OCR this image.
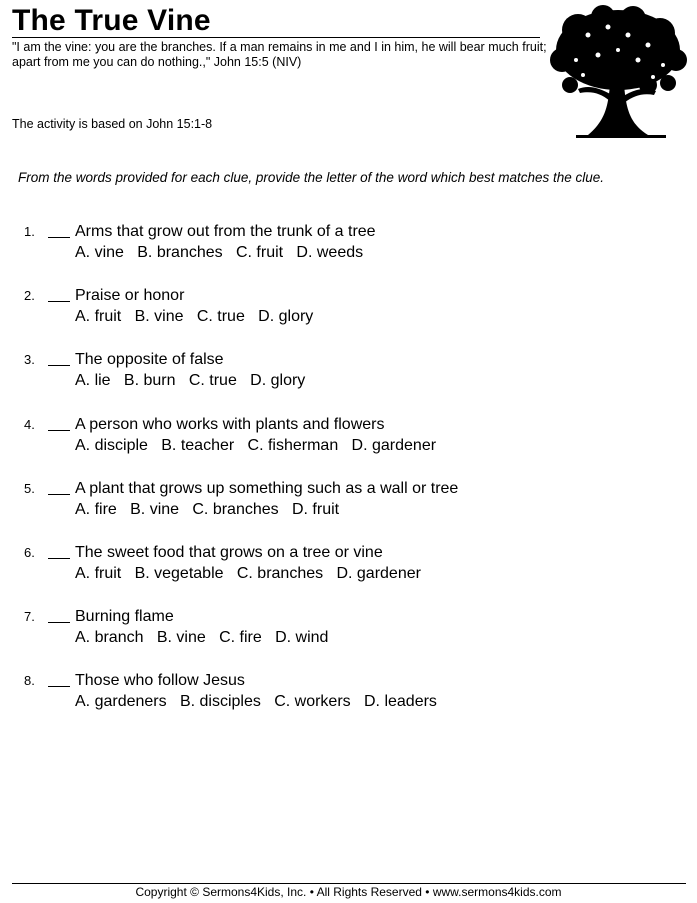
The True Vine
"I am the vine: you are the branches. If a man remains in me and I in him, he will bear much fruit; apart from me you can do nothing.," John 15:5 (NIV)
The activity is based on John 15:1-8
From the words provided for each clue, provide the letter of the word which best matches the clue.
1.	Arms that grow out from the trunk of a tree
A. vine   B. branches   C. fruit   D. weeds
2.	Praise or honor
A. fruit   B. vine   C. true   D. glory
3.	The opposite of false
A. lie   B. burn   C. true   D. glory
4.	A person who works with plants and flowers
A. disciple   B. teacher   C. fisherman   D. gardener
5.	A plant that grows up something such as a wall or tree
A. fire   B. vine   C. branches   D. fruit
6.	The sweet food that grows on a tree or vine
A. fruit   B. vegetable   C. branches   D. gardener
7.	Burning flame
A. branch   B. vine   C. fire   D. wind
8.	Those who follow Jesus
A. gardeners   B. disciples   C. workers   D. leaders
Copyright © Sermons4Kids, Inc. • All Rights Reserved • www.sermons4kids.com
